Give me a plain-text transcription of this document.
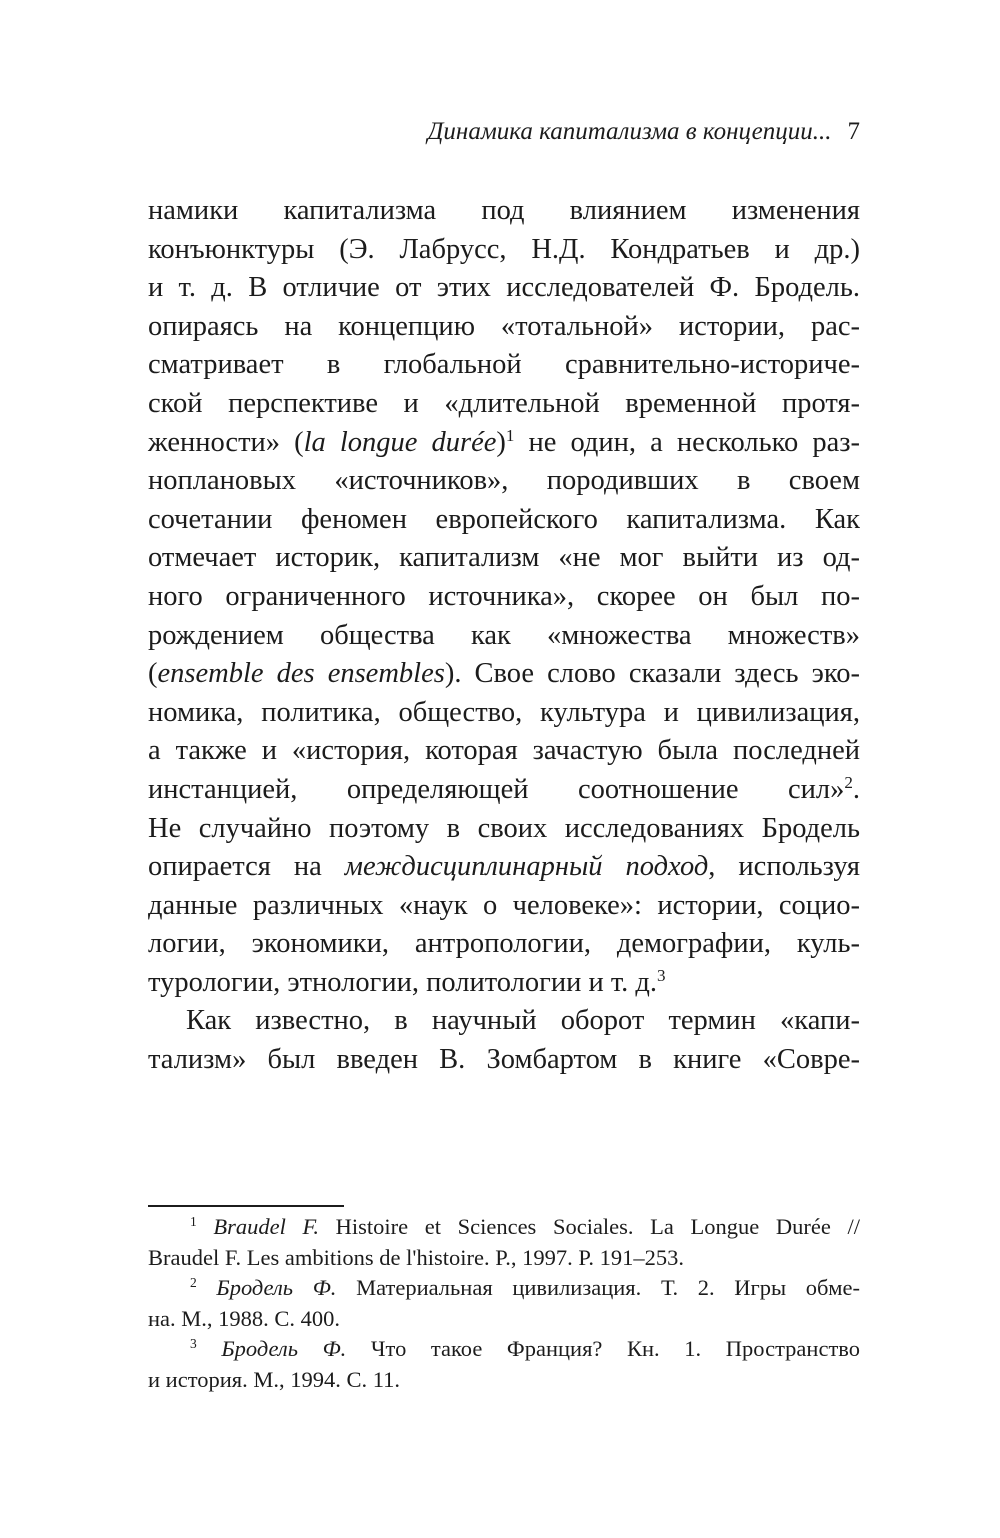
Динамика капитализма в концепции... 7
намики капитализма под влиянием изменения
конъюнктуры (Э. Лабрусс, Н.Д. Кондратьев и др.)
и т. д. В отличие от этих исследователей Ф. Бродель.
опираясь на концепцию «тотальной» истории, рас-
сматривает в глобальной сравнительно-историче-
ской перспективе и «длительной временной протя-
женности» (la longue durée)$^1$ не один, а несколько раз-
ноплановых «источников», породивших в своем
сочетании феномен европейского капитализма. Как
отмечает историк, капитализм «не мог выйти из од-
ного ограниченного источника», скорее он был по-
рождением общества как «множества множеств»
(ensemble des ensembles). Свое слово сказали здесь эко-
номика, политика, общество, культура и цивилизация,
а также и «история, которая зачастую была последней
инстанцией, определяющей соотношение сил»$^2$.
Не случайно поэтому в своих исследованиях Бродель
опирается на междисциплинарный подход, используя
данные различных «наук о человеке»: истории, социо-
логии, экономики, антропологии, демографии, куль-
турологии, этнологии, политологии и т. д.$^3$
Как известно, в научный оборот термин «капи-
тализм» был введен В. Зомбартом в книге «Совре-
$^1$ Braudel F. Histoire et Sciences Sociales. La Longue Durée //
Braudel F. Les ambitions de l'histoire. P., 1997. P. 191–253.
$^2$ Бродель Ф. Материальная цивилизация. Т. 2. Игры обме-
на. М., 1988. С. 400.
$^3$ Бродель Ф. Что такое Франция? Кн. 1. Пространство
и история. М., 1994. С. 11.
